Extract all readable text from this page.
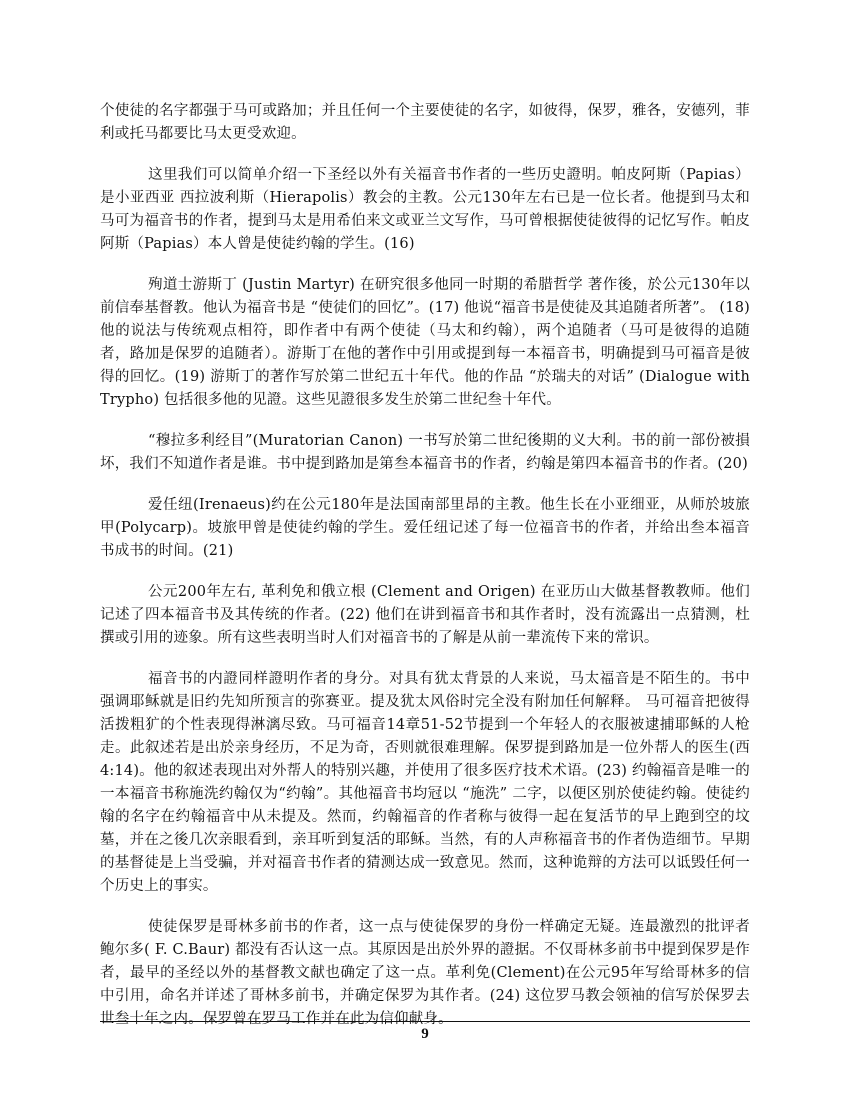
个使徒的名字都强于马可或路加；并且任何一个主要使徒的名字，如彼得，保罗，雅各，安德列，菲利或托马都要比马太更受欢迎。

这里我们可以简单介绍一下圣经以外有关福音书作者的一些历史證明。帕皮阿斯（Papias）是小亚西亚 西拉波利斯（Hierapolis）教会的主教。公元130年左右已是一位长者。他提到马太和马可为福音书的作者，提到马太是用希伯来文或亚兰文写作，马可曾根据使徒彼得的记忆写作。帕皮阿斯（Papias）本人曾是使徒约翰的学生。(16)

殉道士游斯丁 (Justin Martyr) 在研究很多他同一时期的希腊哲学 著作後，於公元130年以前信奉基督教。他认为福音书是 “使徒们的回忆”。(17) 他说“福音书是使徒及其追随者所著”。 (18) 他的说法与传统观点相符，即作者中有两个使徒（马太和约翰），两个追随者（马可是彼得的追随者，路加是保罗的追随者）。游斯丁在他的著作中引用或提到每一本福音书，明确提到马可福音是彼得的回忆。(19) 游斯丁的著作写於第二世纪五十年代。他的作品 “於瑞夫的对话” (Dialogue with Trypho) 包括很多他的见證。这些见證很多发生於第二世纪叁十年代。

“穆拉多利经目”(Muratorian Canon) 一书写於第二世纪後期的义大利。书的前一部份被損坏，我们不知道作者是谁。书中提到路加是第叁本福音书的作者，约翰是第四本福音书的作者。(20)

爱任纽(Irenaeus)约在公元180年是法国南部里昂的主教。他生长在小亚细亚，从师於坡旅甲(Polycarp)。坡旅甲曾是使徒约翰的学生。爱任纽记述了每一位福音书的作者，并给出叁本福音书成书的时间。(21)

公元200年左右, 革利免和俄立根 (Clement and Origen) 在亚历山大做基督教教师。他们记述了四本福音书及其传统的作者。(22) 他们在讲到福音书和其作者时，没有流露出一点猜测，杜撰或引用的迹象。所有这些表明当时人们对福音书的了解是从前一辈流传下来的常识。

福音书的内證同样證明作者的身分。对具有犹太背景的人来说，马太福音是不陌生的。书中强调耶稣就是旧约先知所预言的弥赛亚。提及犹太风俗时完全没有附加任何解释。 马可福音把彼得活拨粗犷的个性表现得淋漓尽致。马可福音14章51-52节提到一个年轻人的衣服被逮捕耶稣的人枪走。此叙述若是出於亲身经历，不足为奇，否则就很难理解。保罗提到路加是一位外帮人的医生(西4:14)。他的叙述表现出对外帮人的特别兴趣，并使用了很多医疗技术术语。(23) 约翰福音是唯一的一本福音书称施洗约翰仅为“约翰”。其他福音书均冠以 “施洗” 二字，以便区别於使徒约翰。使徒约翰的名字在约翰福音中从未提及。然而，约翰福音的作者称与彼得一起在复活节的早上跑到空的坟墓，并在之後几次亲眼看到，亲耳听到复活的耶稣。当然，有的人声称福音书的作者伪造细节。早期的基督徒是上当受骗，并对福音书作者的猜测达成一致意见。然而，这种诡辩的方法可以诋毁任何一个历史上的事实。

使徒保罗是哥林多前书的作者，这一点与使徒保罗的身份一样确定无疑。连最激烈的批评者鲍尔多( F. C.Baur) 都没有否认这一点。其原因是出於外界的證据。不仅哥林多前书中提到保罗是作者，最早的圣经以外的基督教文献也确定了这一点。革利免(Clement)在公元95年写给哥林多的信中引用，命名并详述了哥林多前书，并确定保罗为其作者。(24) 这位罗马教会领袖的信写於保罗去世叁十年之内。保罗曾在罗马工作并在此为信仰献身。

9
